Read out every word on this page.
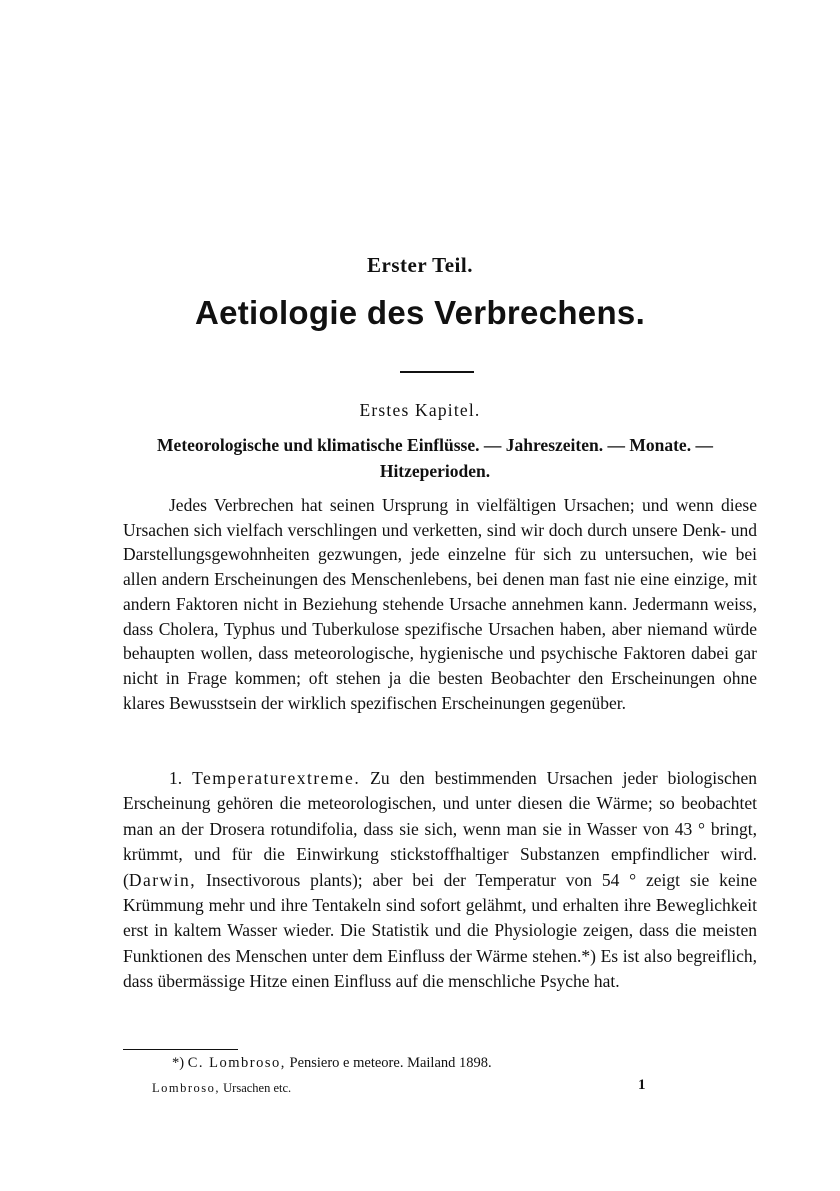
Erster Teil.
Aetiologie des Verbrechens.
Erstes Kapitel.
Meteorologische und klimatische Einflüsse. — Jahreszeiten. — Monate. — Hitzeperioden.
Jedes Verbrechen hat seinen Ursprung in vielfältigen Ursachen; und wenn diese Ursachen sich vielfach verschlingen und verketten, sind wir doch durch unsere Denk- und Darstellungsgewohnheiten gezwungen, jede einzelne für sich zu untersuchen, wie bei allen andern Erscheinungen des Menschenlebens, bei denen man fast nie eine einzige, mit andern Faktoren nicht in Beziehung stehende Ursache annehmen kann. Jedermann weiss, dass Cholera, Typhus und Tuberkulose spezifische Ursachen haben, aber niemand würde behaupten wollen, dass meteorologische, hygienische und psychische Faktoren dabei gar nicht in Frage kommen; oft stehen ja die besten Beobachter den Erscheinungen ohne klares Bewusstsein der wirklich spezifischen Erscheinungen gegenüber.
1. Temperaturextreme. Zu den bestimmenden Ursachen jeder biologischen Erscheinung gehören die meteorologischen, und unter diesen die Wärme; so beobachtet man an der Drosera rotundifolia, dass sie sich, wenn man sie in Wasser von 43 ° bringt, krümmt, und für die Einwirkung stickstoffhaltiger Substanzen empfindlicher wird. (Darwin, Insectivorous plants); aber bei der Temperatur von 54 ° zeigt sie keine Krümmung mehr und ihre Tentakeln sind sofort gelähmt, und erhalten ihre Beweglichkeit erst in kaltem Wasser wieder. Die Statistik und die Physiologie zeigen, dass die meisten Funktionen des Menschen unter dem Einfluss der Wärme stehen.*) Es ist also begreiflich, dass übermässige Hitze einen Einfluss auf die menschliche Psyche hat.
*) C. Lombroso, Pensiero e meteore. Mailand 1898.
Lombroso, Ursachen etc.	1
